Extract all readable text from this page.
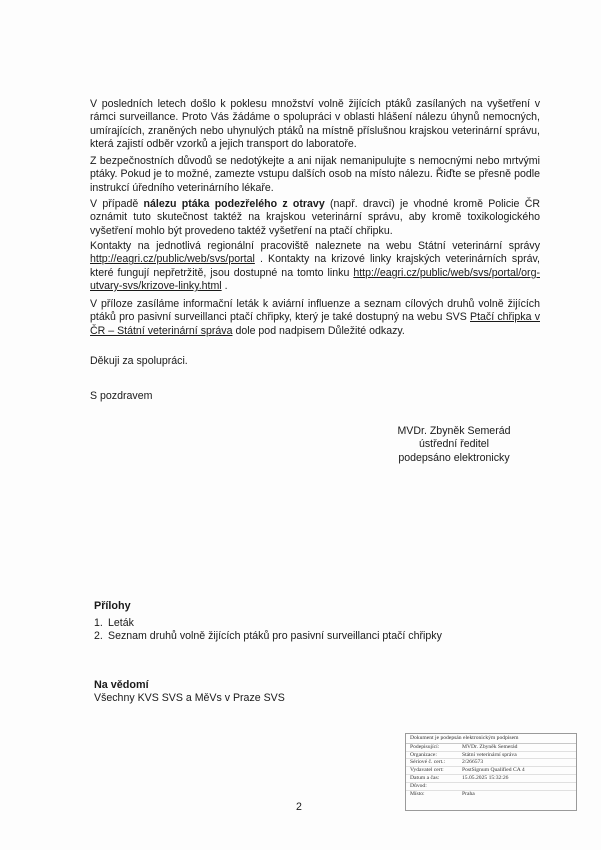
V posledních letech došlo k poklesu množství volně žijících ptáků zasílaných na vyšetření v rámci surveillance. Proto Vás žádáme o spolupráci v oblasti hlášení nálezu úhynů nemocných, umírajících, zraněných nebo uhynulých ptáků na místně příslušnou krajskou veterinární správu, která zajistí odběr vzorků a jejich transport do laboratoře.

Z bezpečnostních důvodů se nedotýkejte a ani nijak nemanipulujte s nemocnými nebo mrtvými ptáky. Pokud je to možné, zamezte vstupu dalších osob na místo nálezu. Řiďte se přesně podle instrukcí úředního veterinárního lékaře.

V případě nálezu ptáka podezřelého z otravy (např. dravci) je vhodné kromě Policie ČR oznámit tuto skutečnost taktéž na krajskou veterinární správu, aby kromě toxikologického vyšetření mohlo být provedeno taktéž vyšetření na ptačí chřipku.

Kontakty na jednotlivá regionální pracoviště naleznete na webu Státní veterinární správy http://eagri.cz/public/web/svs/portal . Kontakty na krizové linky krajských veterinárních správ, které fungují nepřetržitě, jsou dostupné na tomto linku http://eagri.cz/public/web/svs/portal/org-utvary-svs/krizove-linky.html .

V příloze zasíláme informační leták k aviární influenze a seznam cílových druhů volně žijících ptáků pro pasivní surveillanci ptačí chřipky, který je také dostupný na webu SVS Ptačí chřipka v ČR – Státní veterinární správa dole pod nadpisem Důležité odkazy.

Děkuji za spolupráci.

S pozdravem

MVDr. Zbyněk Semerád
ústřední ředitel
podepsáno elektronicky
Přílohy
1. Leták
2. Seznam druhů volně žijících ptáků pro pasivní surveillanci ptačí chřipky
Na vědomí
Všechny KVS SVS a MěVs v Praze SVS
Dokument je podepsán elektronickým podpisem
Podepisující:	MVDr. Zbyněk Semerád
Organizace:	Státní veterinární správa
Sériové č. cert.:	2/266573
Vydavatel cert:	PostSignum Qualified CA 4
Datum a čas:	15.05.2025 15:32:26
Důvod:
Místo:	Praha
2
